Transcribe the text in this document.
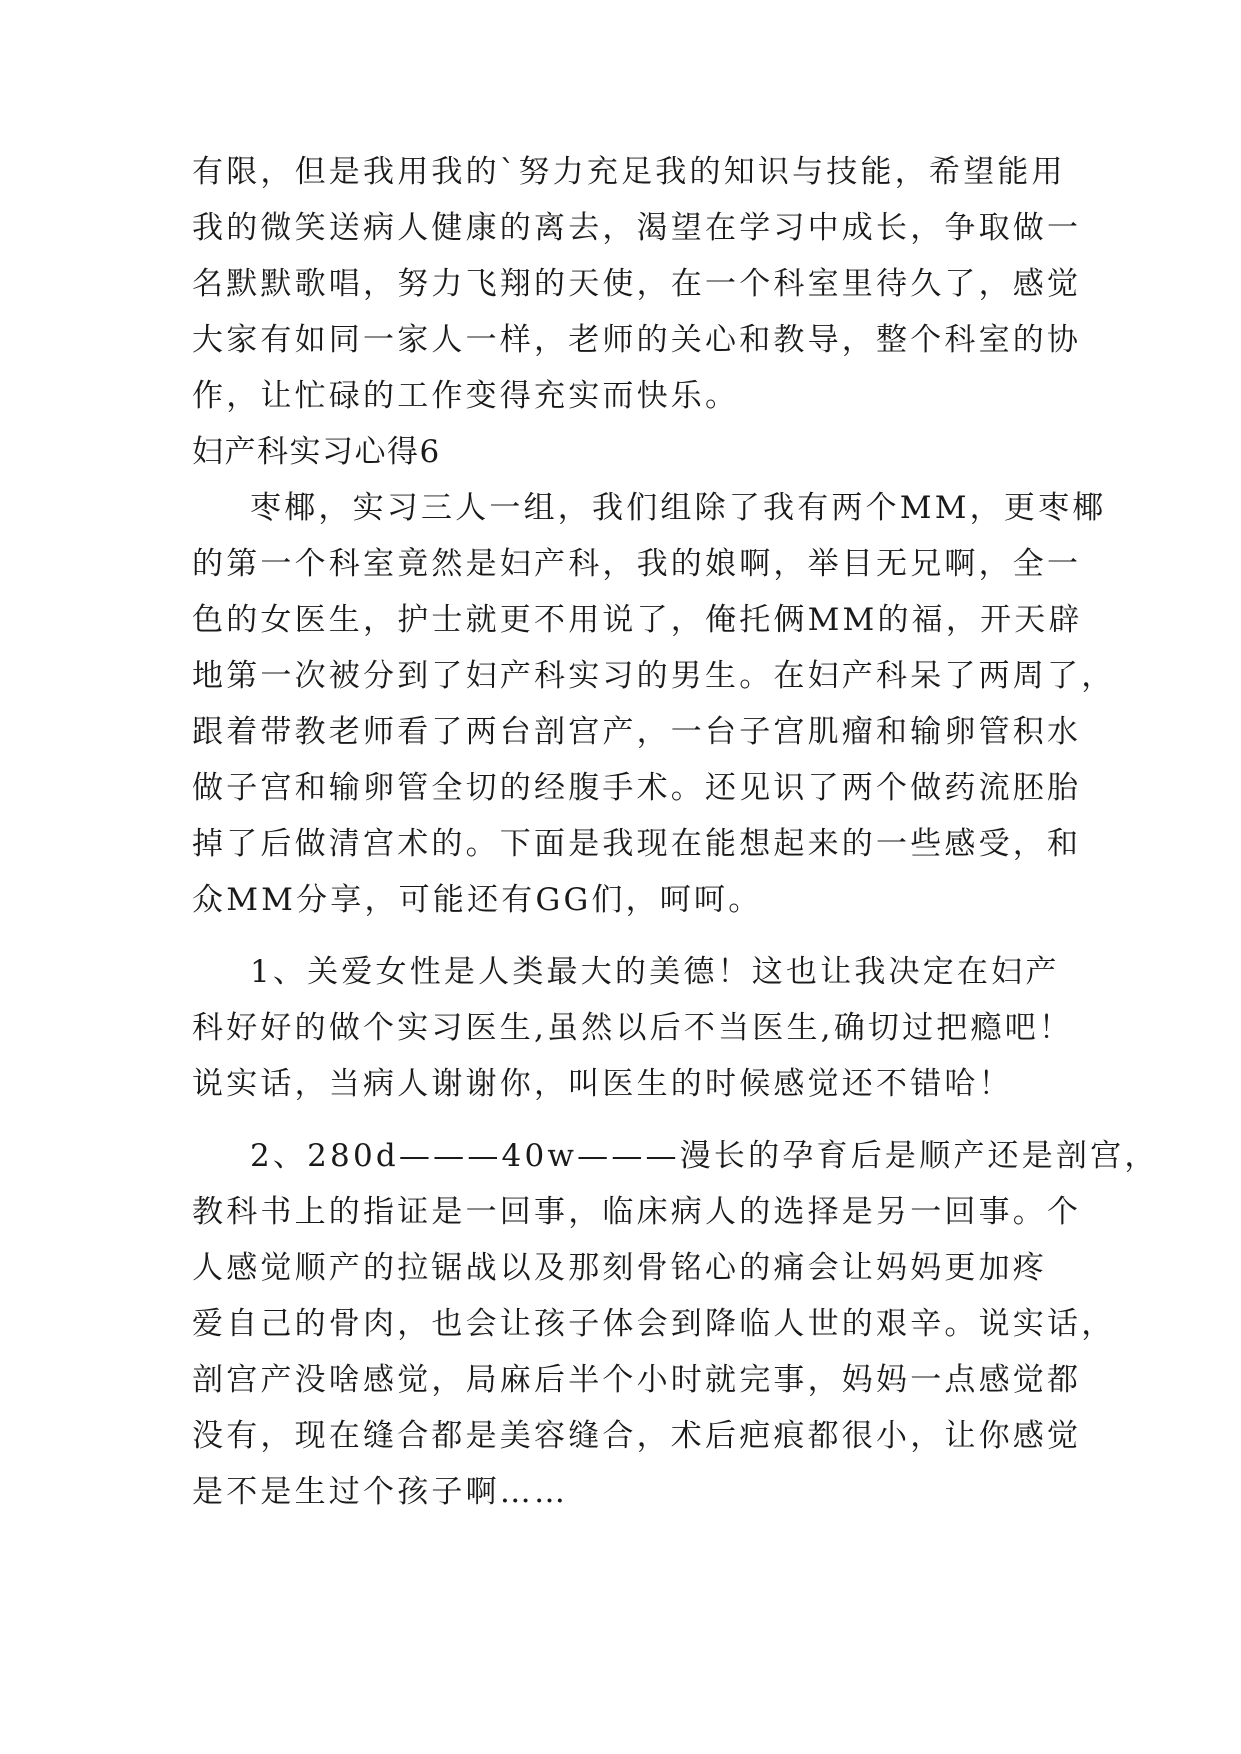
有限，但是我用我的`努力充足我的知识与技能，希望能用
我的微笑送病人健康的离去，渴望在学习中成长，争取做一
名默默歌唱，努力飞翔的天使，在一个科室里待久了，感觉
大家有如同一家人一样，老师的关心和教导，整个科室的协
作，让忙碌的工作变得充实而快乐。
妇产科实习心得6
枣椰，实习三人一组，我们组除了我有两个MM，更枣椰
的第一个科室竟然是妇产科，我的娘啊，举目无兄啊，全一
色的女医生，护士就更不用说了，俺托俩MM的福，开天辟
地第一次被分到了妇产科实习的男生。在妇产科呆了两周了，
跟着带教老师看了两台剖宫产，一台子宫肌瘤和输卵管积水
做子宫和输卵管全切的经腹手术。还见识了两个做药流胚胎
掉了后做清宫术的。下面是我现在能想起来的一些感受，和
众MM分享，可能还有GG们，呵呵。
1、关爱女性是人类最大的美德！这也让我决定在妇产
科好好的做个实习医生,虽然以后不当医生,确切过把瘾吧！
说实话，当病人谢谢你，叫医生的时候感觉还不错哈！
2、280d———40w———漫长的孕育后是顺产还是剖宫，
教科书上的指证是一回事，临床病人的选择是另一回事。个
人感觉顺产的拉锯战以及那刻骨铭心的痛会让妈妈更加疼
爱自己的骨肉，也会让孩子体会到降临人世的艰辛。说实话，
剖宫产没啥感觉，局麻后半个小时就完事，妈妈一点感觉都
没有，现在缝合都是美容缝合，术后疤痕都很小，让你感觉
是不是生过个孩子啊……
